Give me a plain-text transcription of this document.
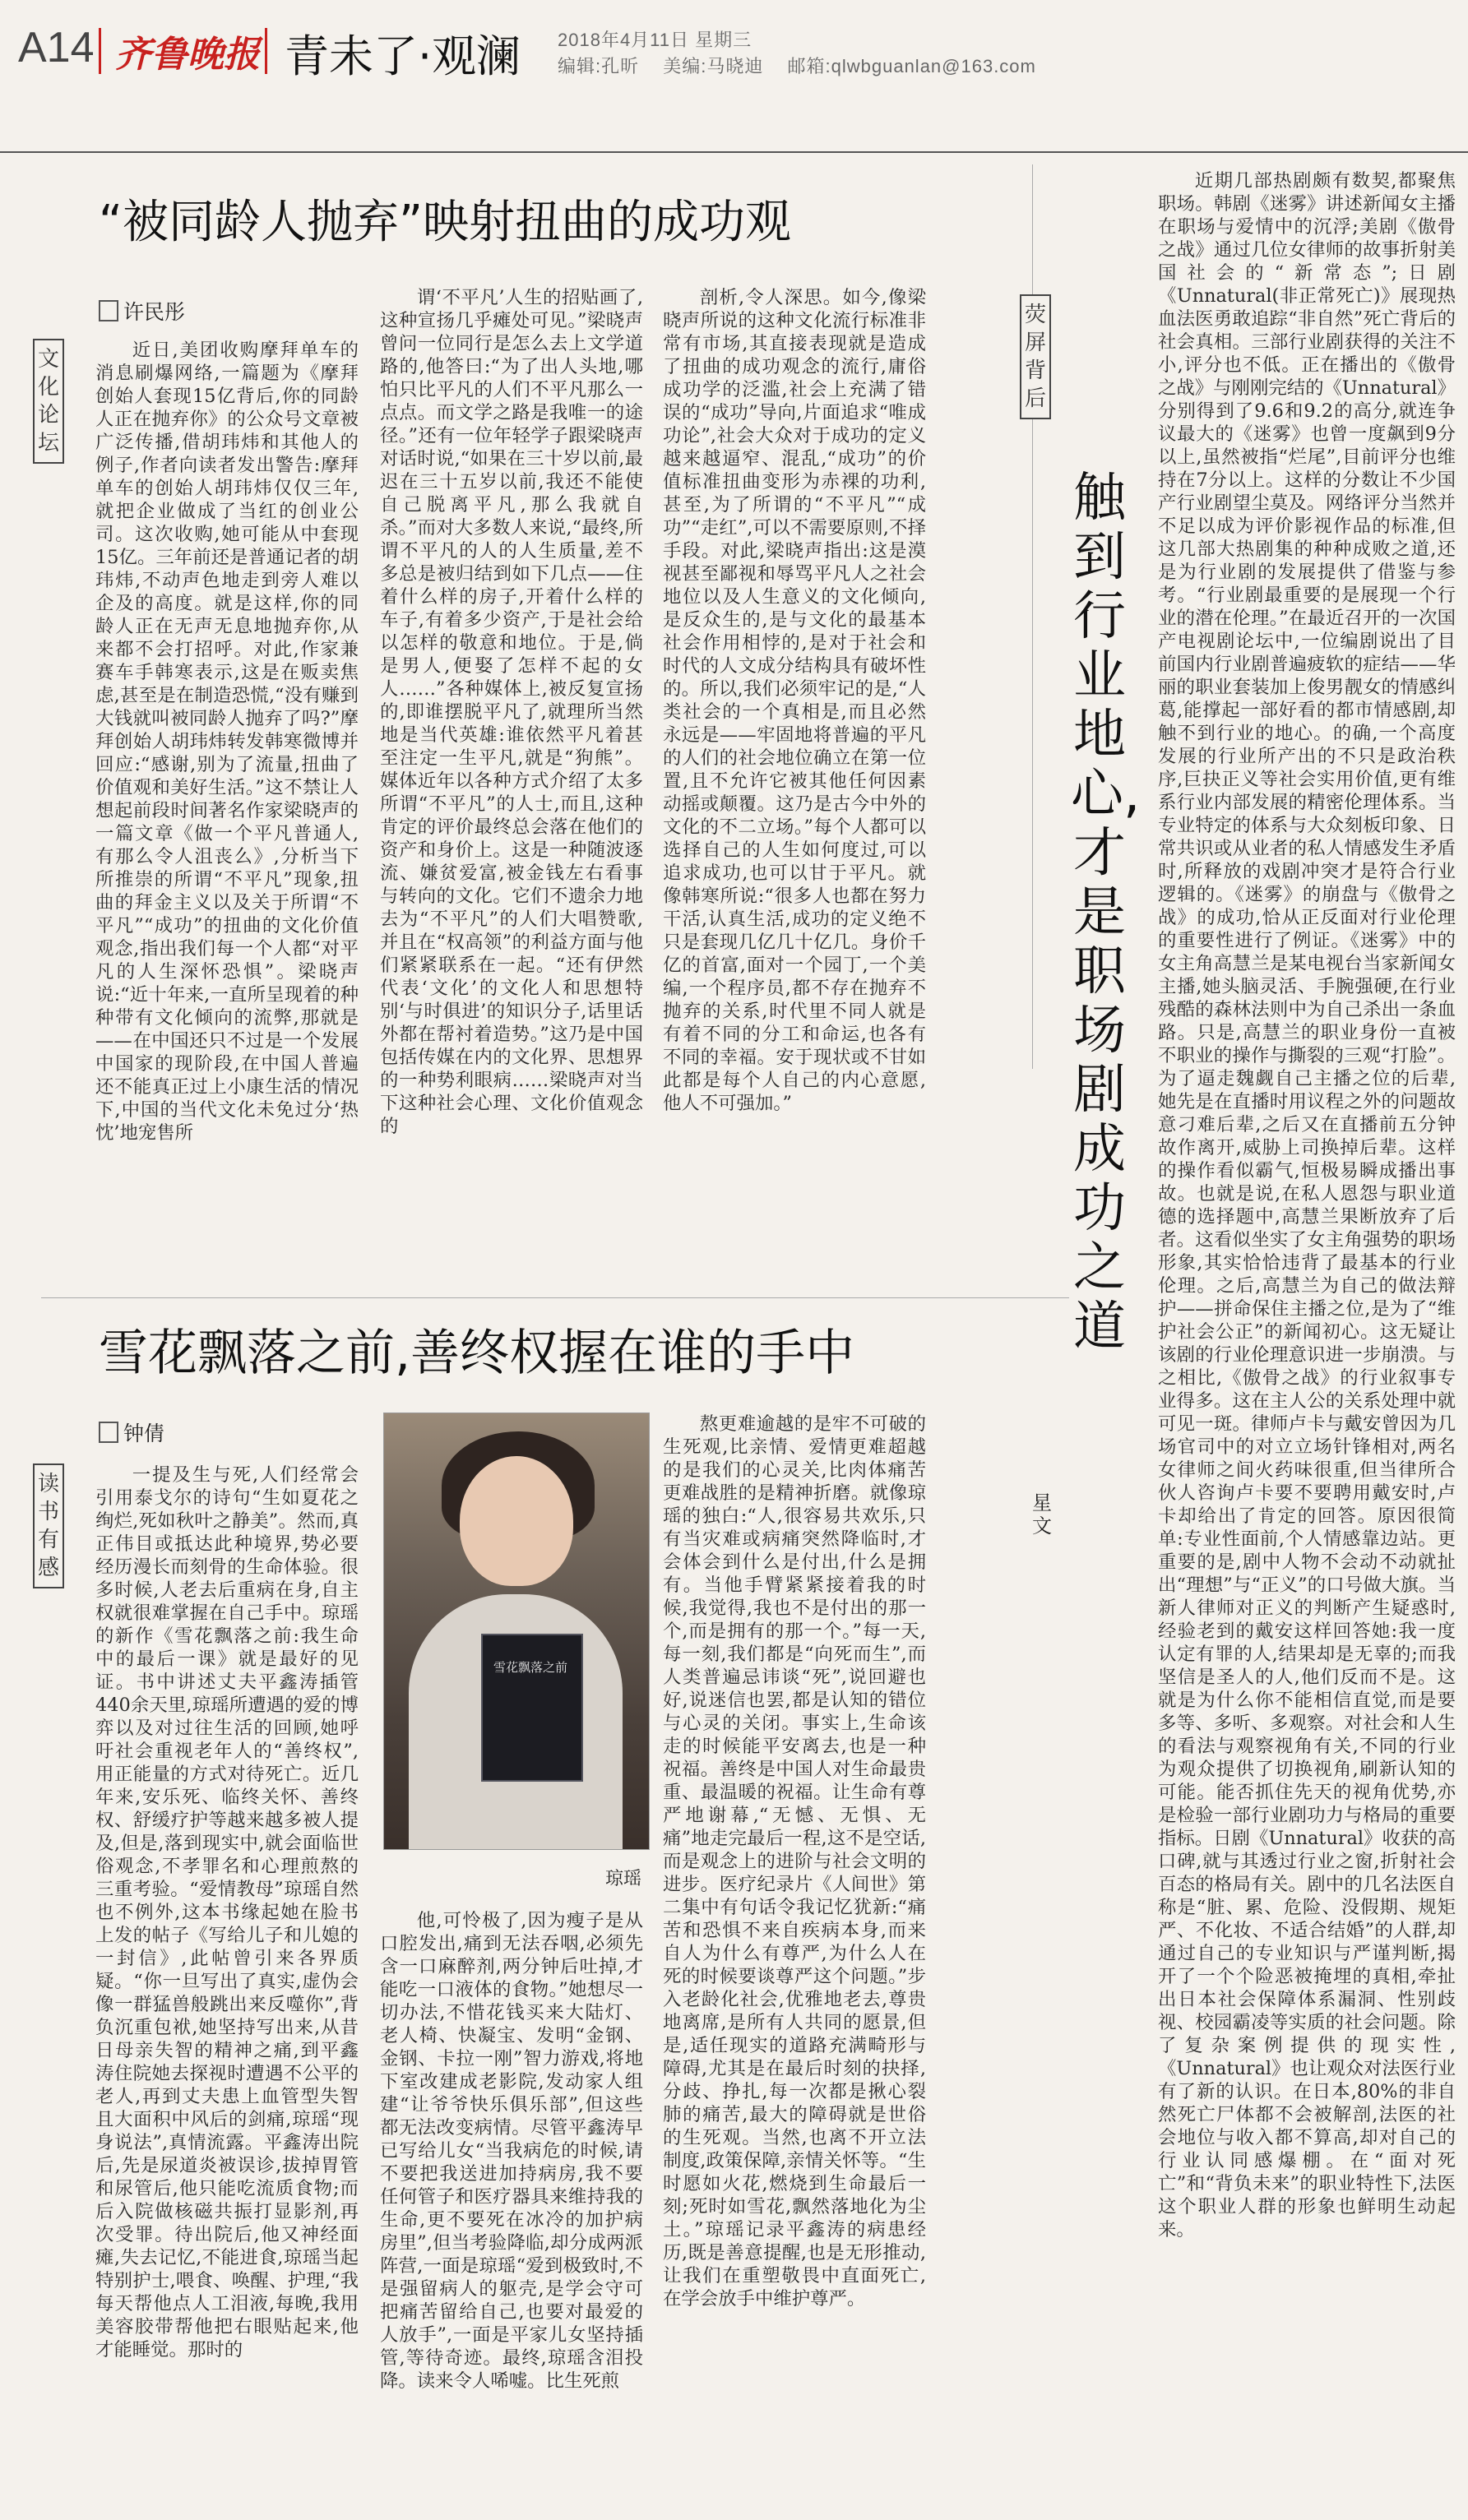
A14 齐鲁晚报 青未了·观澜 2018年4月11日 星期三
编辑:孔昕 美编:马晓迪 邮箱:qlwbguanlan@163.com
“被同龄人抛弃”映射扭曲的成功观
许民彤
文化论坛

近日,美团收购摩拜单车的消息刷爆网络,一篇题为《摩拜创始人套现15亿背后,你的同龄人正在抛弃你》的公众号文章被广泛传播,借胡玮炜和其他人的例子,作者向读者发出警告:摩拜单车的创始人胡玮炜仅仅三年,就把企业做成了当红的创业公司。这次收购,她可能从中套现15亿。三年前还是普通记者的胡玮炜,不动声色地走到旁人难以企及的高度。就是这样,你的同龄人正在无声无息地抛弃你,从来都不会打招呼。对此,作家兼赛车手韩寒表示,这是在贩卖焦虑,甚至是在制造恐慌,“没有赚到大钱就叫被同龄人抛弃了吗?”摩拜创始人胡玮炜转发韩寒微博并回应:“感谢,别为了流量,扭曲了价值观和美好生活。”这不禁让人想起前段时间著名作家梁晓声的一篇文章《做一个平凡普通人,有那么令人沮丧么》,分析当下所推崇的所谓“不平凡”现象,扭曲的拜金主义以及关于所谓“不平凡”“成功”的扭曲的文化价值观念,指出我们每一个人都“对平凡的人生深怀恐惧”。梁晓声说:“近十年来,一直所呈现着的种种带有文化倾向的流弊,那就是——在中国还只不过是一个发展中国家的现阶段,在中国人普遍还不能真正过上小康生活的情况下,中国的当代文化未免过分‘热忱’地宠售所

谓‘不平凡’人生的招贴画了,这种宣扬几乎瘫处可见。”梁晓声曾问一位同行是怎么去上文学道路的,他答曰:“为了出人头地,哪怕只比平凡的人们不平凡那么一点点。而文学之路是我唯一的途径。”还有一位年轻学子跟梁晓声对话时说,“如果在三十岁以前,最迟在三十五岁以前,我还不能使自己脱离平凡,那么我就自杀。”而对大多数人来说,“最终,所谓不平凡的人的人生质量,差不多总是被归结到如下几点——住着什么样的房子,开着什么样的车子,有着多少资产,于是社会给以怎样的敬意和地位。于是,倘是男人,便娶了怎样不起的女人……”各种媒体上,被反复宣扬的,即谁摆脱平凡了,就理所当然地是当代英雄:谁依然平凡着甚至注定一生平凡,就是“狗熊”。媒体近年以各种方式介绍了太多所谓“不平凡”的人士,而且,这种肯定的评价最终总会落在他们的资产和身价上。这是一种随波逐流、嫌贫爱富,被金钱左右看事与转向的文化。它们不遗余力地去为“不平凡”的人们大唱赞歌,并且在“权高领”的利益方面与他们紧紧联系在一起。“还有伊然代表‘文化’的文化人和思想特别‘与时俱进’的知识分子,话里话外都在帮衬着造势。”这乃是中国包括传媒在内的文化界、思想界的一种势利眼病……梁晓声对当下这种社会心理、文化价值观念的

剖析,令人深思。如今,像梁晓声所说的这种文化流行标准非常有市场,其直接表现就是造成了扭曲的成功观念的流行,庸俗成功学的泛滥,社会上充满了错误的“成功”导向,片面追求“唯成功论”,社会大众对于成功的定义越来越逼窄、混乱,“成功”的价值标准扭曲变形为赤裸的功利,甚至,为了所谓的“不平凡”“成功”“走红”,可以不需要原则,不择手段。对此,梁晓声指出:这是漠视甚至鄙视和辱骂平凡人之社会地位以及人生意义的文化倾向,是反众生的,是与文化的最基本社会作用相悖的,是对于社会和时代的人文成分结构具有破坏性的。所以,我们必须牢记的是,“人类社会的一个真相是,而且必然永远是——牢固地将普遍的平凡的人们的社会地位确立在第一位置,且不允许它被其他任何因素动摇或颠覆。这乃是古今中外的文化的不二立场。”每个人都可以选择自己的人生如何度过,可以追求成功,也可以甘于平凡。就像韩寒所说:“很多人也都在努力干活,认真生活,成功的定义绝不只是套现几亿几十亿几。身价千亿的首富,面对一个园丁,一个美编,一个程序员,都不存在抛弃不抛弃的关系,时代里不同人就是有着不同的分工和命运,也各有不同的幸福。安于现状或不甘如此都是每个人自己的内心意愿,他人不可强加。”

雪花飘落之前,善终权握在谁的手中
钟倩
读书有感

一提及生与死,人们经常会引用泰戈尔的诗句“生如夏花之绚烂,死如秋叶之静美”。然而,真正伟目或抵达此种境界,势必要经历漫长而刻骨的生命体验。很多时候,人老去后重病在身,自主权就很难掌握在自己手中。琼瑶的新作《雪花飘落之前:我生命中的最后一课》就是最好的见证。书中讲述丈夫平鑫涛插管440余天里,琼瑶所遭遇的爱的博弈以及对过往生活的回顾,她呼吁社会重视老年人的“善终权”,用正能量的方式对待死亡。近几年来,安乐死、临终关怀、善终权、舒缓疗护等越来越多被人提及,但是,落到现实中,就会面临世俗观念,不孝罪名和心理煎熬的三重考验。“爱情教母”琼瑶自然也不例外,这本书缘起她在脸书上发的帖子《写给儿子和儿媳的一封信》,此帖曾引来各界质疑。“你一旦写出了真实,虚伪会像一群猛兽般跳出来反噬你”,背负沉重包袱,她坚持写出来,从昔日母亲失智的精神之痛,到平鑫涛住院她去探视时遭遇不公平的老人,再到丈夫患上血管型失智且大面积中风后的剑痛,琼瑶“现身说法”,真情流露。平鑫涛出院后,先是尿道炎被误诊,拔掉胃管和尿管后,他只能吃流质食物;而后入院做核磁共振打显影剂,再次受罪。待出院后,他又神经面瘫,失去记忆,不能进食,琼瑶当起特别护士,喂食、唤醒、护理,“我每天帮他点人工泪液,每晚,我用美容胶带帮他把右眼贴起来,他才能睡觉。那时的

雪花飘落之前
琼瑶

他,可怜极了,因为瘦子是从口腔发出,痛到无法吞咽,必须先含一口麻醉剂,两分钟后吐掉,才能吃一口液体的食物。”她想尽一切办法,不惜花钱买来大陆灯、老人椅、快凝宝、发明“金钢、金钢、卡拉一刚”智力游戏,将地下室改建成老影院,发动家人组建“让爷爷快乐俱乐部”,但这些都无法改变病情。尽管平鑫涛早已写给儿女“当我病危的时候,请不要把我送进加持病房,我不要任何管子和医疗器具来维持我的生命,更不要死在冰冷的加护病房里”,但当考验降临,却分成两派阵营,一面是琼瑶“爱到极致时,不是强留病人的躯壳,是学会守可把痛苦留给自己,也要对最爱的人放手”,一面是平家儿女坚持插管,等待奇迹。最终,琼瑶含泪投降。读来令人唏嘘。比生死煎

熬更难逾越的是牢不可破的生死观,比亲情、爱情更难超越的是我们的心灵关,比肉体痛苦更难战胜的是精神折磨。就像琼瑶的独白:“人,很容易共欢乐,只有当灾难或病痛突然降临时,才会体会到什么是付出,什么是拥有。当他手臂紧紧接着我的时候,我觉得,我也不是付出的那一个,而是拥有的那一个。”每一天,每一刻,我们都是“向死而生”,而人类普遍忌讳谈“死”,说回避也好,说迷信也罢,都是认知的错位与心灵的关闭。事实上,生命该走的时候能平安离去,也是一种祝福。善终是中国人对生命最贵重、最温暖的祝福。让生命有尊严地谢幕,“无憾、无惧、无痛”地走完最后一程,这不是空话,而是观念上的进阶与社会文明的进步。医疗纪录片《人间世》第二集中有句话令我记忆犹新:“痛苦和恐惧不来自疾病本身,而来自人为什么有尊严,为什么人在死的时候要谈尊严这个问题。”步入老龄化社会,优雅地老去,尊贵地离席,是所有人共同的愿景,但是,适任现实的道路充满畸形与障碍,尤其是在最后时刻的抉择,分歧、挣扎,每一次都是揪心裂肺的痛苦,最大的障碍就是世俗的生死观。当然,也离不开立法制度,政策保障,亲情关怀等。“生时愿如火花,燃烧到生命最后一刻;死时如雪花,飘然落地化为尘土。”琼瑶记录平鑫涛的病患经历,既是善意提醒,也是无形推动,让我们在重塑敬畏中直面死亡,在学会放手中维护尊严。

荧屏背后
触到行业地心,才是职场剧成功之道
星文

近期几部热剧颇有数契,都聚焦职场。韩剧《迷雾》讲述新闻女主播在职场与爱情中的沉浮;美剧《傲骨之战》通过几位女律师的故事折射美国社会的“新常态”;日剧《Unnatural(非正常死亡)》展现热血法医勇敢追踪“非自然”死亡背后的社会真相。三部行业剧获得的关注不小,评分也不低。正在播出的《傲骨之战》与刚刚完结的《Unnatural》分别得到了9.6和9.2的高分,就连争议最大的《迷雾》也曾一度飙到9分以上,虽然被指“烂尾”,目前评分也维持在7分以上。这样的分数让不少国产行业剧望尘莫及。网络评分当然并不足以成为评价影视作品的标准,但这几部大热剧集的种种成败之道,还是为行业剧的发展提供了借鉴与参考。“行业剧最重要的是展现一个行业的潜在伦理。”在最近召开的一次国产电视剧论坛中,一位编剧说出了目前国内行业剧普遍疲软的症结——华丽的职业套装加上俊男靓女的情感纠葛,能撑起一部好看的都市情感剧,却触不到行业的地心。的确,一个高度发展的行业所产出的不只是政治秩序,巨抉正义等社会实用价值,更有维系行业内部发展的精密伦理体系。当专业特定的体系与大众刻板印象、日常共识或从业者的私人情感发生矛盾时,所释放的戏剧冲突才是符合行业逻辑的。《迷雾》的崩盘与《傲骨之战》的成功,恰从正反面对行业伦理的重要性进行了例证。《迷雾》中的女主角高慧兰是某电视台当家新闻女主播,她头脑灵活、手腕强硬,在行业残酷的森林法则中为自己杀出一条血路。只是,高慧兰的职业身份一直被不职业的操作与撕裂的三观“打脸”。为了逼走魏觑自己主播之位的后辈,她先是在直播时用议程之外的问题故意刁难后辈,之后又在直播前五分钟故作离开,威胁上司换掉后辈。这样的操作看似霸气,恒极易瞬成播出事故。也就是说,在私人恩怨与职业道德的选择题中,高慧兰果断放弃了后者。这看似坐实了女主角强势的职场形象,其实恰恰违背了最基本的行业伦理。之后,高慧兰为自己的做法辩护——拼命保住主播之位,是为了“维护社会公正”的新闻初心。这无疑让该剧的行业伦理意识进一步崩溃。与之相比,《傲骨之战》的行业叙事专业得多。这在主人公的关系处理中就可见一斑。律师卢卡与戴安曾因为几场官司中的对立立场针锋相对,两名女律师之间火药味很重,但当律所合伙人咨询卢卡要不要聘用戴安时,卢卡却给出了肯定的回答。原因很简单:专业性面前,个人情感靠边站。更重要的是,剧中人物不会动不动就扯出“理想”与“正义”的口号做大旗。当新人律师对正义的判断产生疑惑时,经验老到的戴安这样回答她:我一度认定有罪的人,结果却是无辜的;而我坚信是圣人的人,他们反而不是。这就是为什么你不能相信直觉,而是要多等、多听、多观察。对社会和人生的看法与观察视角有关,不同的行业为观众提供了切换视角,刷新认知的可能。能否抓住先天的视角优势,亦是检验一部行业剧功力与格局的重要指标。日剧《Unnatural》收获的高口碑,就与其透过行业之窗,折射社会百态的格局有关。剧中的几名法医自称是“脏、累、危险、没假期、规矩严、不化妆、不适合结婚”的人群,却通过自己的专业知识与严谨判断,揭开了一个个险恶被掩埋的真相,牵扯出日本社会保障体系漏洞、性别歧视、校园霸凌等实质的社会问题。除了复杂案例提供的现实性,《Unnatural》也让观众对法医行业有了新的认识。在日本,80%的非自然死亡尸体都不会被解剖,法医的社会地位与收入都不算高,却对自己的行业认同感爆棚。在“面对死亡”和“背负未来”的职业特性下,法医这个职业人群的形象也鲜明生动起来。
